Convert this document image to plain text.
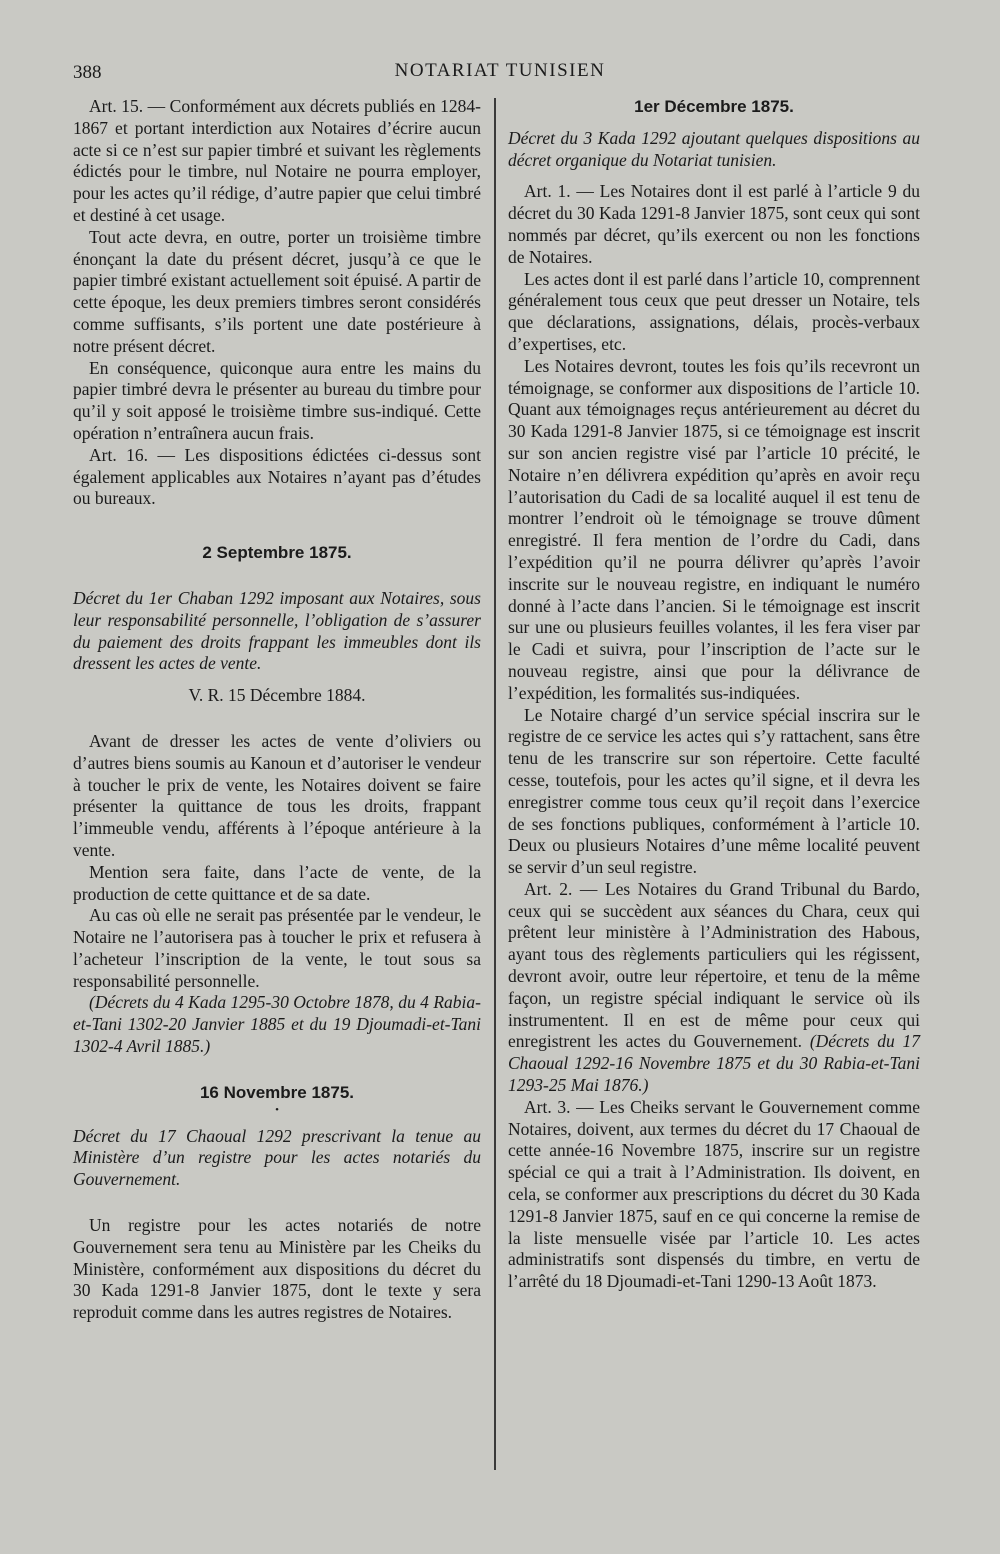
388	NOTARIAT TUNISIEN

Art. 15. — Conformément aux décrets publiés en 1284-1867 et portant interdiction aux Notaires d’écrire aucun acte si ce n’est sur papier timbré et suivant les règlements édictés pour le timbre, nul Notaire ne pourra employer, pour les actes qu’il rédige, d’autre papier que celui timbré et destiné à cet usage.

Tout acte devra, en outre, porter un troisième timbre énonçant la date du présent décret, jusqu’à ce que le papier timbré existant actuellement soit épuisé. A partir de cette époque, les deux premiers timbres seront considérés comme suffisants, s’ils portent une date postérieure à notre présent décret.

En conséquence, quiconque aura entre les mains du papier timbré devra le présenter au bureau du timbre pour qu’il y soit apposé le troisième timbre sus-indiqué. Cette opération n’entraînera aucun frais.

Art. 16. — Les dispositions édictées ci-dessus sont également applicables aux Notaires n’ayant pas d’études ou bureaux.

2 Septembre 1875.

Décret du 1er Chaban 1292 imposant aux Notaires, sous leur responsabilité personnelle, l’obligation de s’assurer du paiement des droits frappant les immeubles dont ils dressent les actes de vente.

V. R. 15 Décembre 1884.

Avant de dresser les actes de vente d’oliviers ou d’autres biens soumis au Kanoun et d’autoriser le vendeur à toucher le prix de vente, les Notaires doivent se faire présenter la quittance de tous les droits, frappant l’immeuble vendu, afférents à l’époque antérieure à la vente.

Mention sera faite, dans l’acte de vente, de la production de cette quittance et de sa date.

Au cas où elle ne serait pas présentée par le vendeur, le Notaire ne l’autorisera pas à toucher le prix et refusera à l’acheteur l’inscription de la vente, le tout sous sa responsabilité personnelle.

(Décrets du 4 Kada 1295-30 Octobre 1878, du 4 Rabia-et-Tani 1302-20 Janvier 1885 et du 19 Djoumadi-et-Tani 1302-4 Avril 1885.)

16 Novembre 1875.

•

Décret du 17 Chaoual 1292 prescrivant la tenue au Ministère d’un registre pour les actes notariés du Gouvernement.

Un registre pour les actes notariés de notre Gouvernement sera tenu au Ministère par les Cheiks du Ministère, conformément aux dispositions du décret du 30 Kada 1291-8 Janvier 1875, dont le texte y sera reproduit comme dans les autres registres de Notaires.

1er Décembre 1875.

Décret du 3 Kada 1292 ajoutant quelques dispositions au décret organique du Notariat tunisien.

Art. 1. — Les Notaires dont il est parlé à l’article 9 du décret du 30 Kada 1291-8 Janvier 1875, sont ceux qui sont nommés par décret, qu’ils exercent ou non les fonctions de Notaires.

Les actes dont il est parlé dans l’article 10, comprennent généralement tous ceux que peut dresser un Notaire, tels que déclarations, assignations, délais, procès-verbaux d’expertises, etc.

Les Notaires devront, toutes les fois qu’ils recevront un témoignage, se conformer aux dispositions de l’article 10. Quant aux témoignages reçus antérieurement au décret du 30 Kada 1291-8 Janvier 1875, si ce témoignage est inscrit sur son ancien registre visé par l’article 10 précité, le Notaire n’en délivrera expédition qu’après en avoir reçu l’autorisation du Cadi de sa localité auquel il est tenu de montrer l’endroit où le témoignage se trouve dûment enregistré. Il fera mention de l’ordre du Cadi, dans l’expédition qu’il ne pourra délivrer qu’après l’avoir inscrite sur le nouveau registre, en indiquant le numéro donné à l’acte dans l’ancien. Si le témoignage est inscrit sur une ou plusieurs feuilles volantes, il les fera viser par le Cadi et suivra, pour l’inscription de l’acte sur le nouveau registre, ainsi que pour la délivrance de l’expédition, les formalités sus-indiquées.

Le Notaire chargé d’un service spécial inscrira sur le registre de ce service les actes qui s’y rattachent, sans être tenu de les transcrire sur son répertoire. Cette faculté cesse, toutefois, pour les actes qu’il signe, et il devra les enregistrer comme tous ceux qu’il reçoit dans l’exercice de ses fonctions publiques, conformément à l’article 10. Deux ou plusieurs Notaires d’une même localité peuvent se servir d’un seul registre.

Art. 2. — Les Notaires du Grand Tribunal du Bardo, ceux qui se succèdent aux séances du Chara, ceux qui prêtent leur ministère à l’Administration des Habous, ayant tous des règlements particuliers qui les régissent, devront avoir, outre leur répertoire, et tenu de la même façon, un registre spécial indiquant le service où ils instrumentent. Il en est de même pour ceux qui enregistrent les actes du Gouvernement. (Décrets du 17 Chaoual 1292-16 Novembre 1875 et du 30 Rabia-et-Tani 1293-25 Mai 1876.)

Art. 3. — Les Cheiks servant le Gouvernement comme Notaires, doivent, aux termes du décret du 17 Chaoual de cette année-16 Novembre 1875, inscrire sur un registre spécial ce qui a trait à l’Administration. Ils doivent, en cela, se conformer aux prescriptions du décret du 30 Kada 1291-8 Janvier 1875, sauf en ce qui concerne la remise de la liste mensuelle visée par l’article 10. Les actes administratifs sont dispensés du timbre, en vertu de l’arrêté du 18 Djoumadi-et-Tani 1290-13 Août 1873.
